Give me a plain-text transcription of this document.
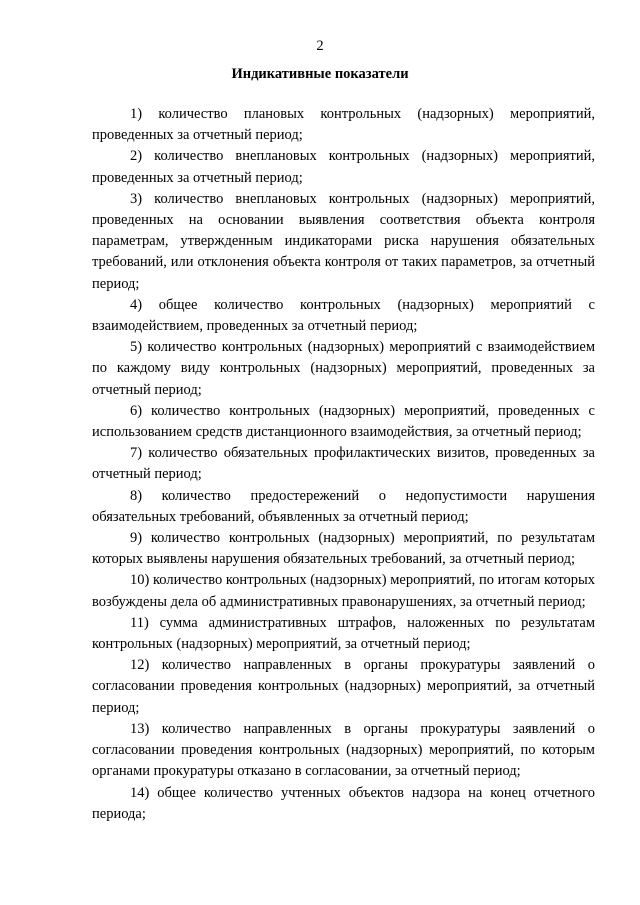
2
Индикативные показатели

1) количество плановых контрольных (надзорных) мероприятий, проведенных за отчетный период;

2) количество внеплановых контрольных (надзорных) мероприятий, проведенных за отчетный период;

3) количество внеплановых контрольных (надзорных) мероприятий, проведенных на основании выявления соответствия объекта контроля параметрам, утвержденным индикаторами риска нарушения обязательных требований, или отклонения объекта контроля от таких параметров, за отчетный период;

4) общее количество контрольных (надзорных) мероприятий с взаимодействием, проведенных за отчетный период;

5) количество контрольных (надзорных) мероприятий с взаимодействием по каждому виду контрольных (надзорных) мероприятий, проведенных за отчетный период;

6) количество контрольных (надзорных) мероприятий, проведенных с использованием средств дистанционного взаимодействия, за отчетный период;

7) количество обязательных профилактических визитов, проведенных за отчетный период;

8) количество предостережений о недопустимости нарушения обязательных требований, объявленных за отчетный период;

9) количество контрольных (надзорных) мероприятий, по результатам которых выявлены нарушения обязательных требований, за отчетный период;

10) количество контрольных (надзорных) мероприятий, по итогам которых возбуждены дела об административных правонарушениях, за отчетный период;

11) сумма административных штрафов, наложенных по результатам контрольных (надзорных) мероприятий, за отчетный период;

12) количество направленных в органы прокуратуры заявлений о согласовании проведения контрольных (надзорных) мероприятий, за отчетный период;

13) количество направленных в органы прокуратуры заявлений о согласовании проведения контрольных (надзорных) мероприятий, по которым органами прокуратуры отказано в согласовании, за отчетный период;

14) общее количество учтенных объектов надзора на конец отчетного периода;
